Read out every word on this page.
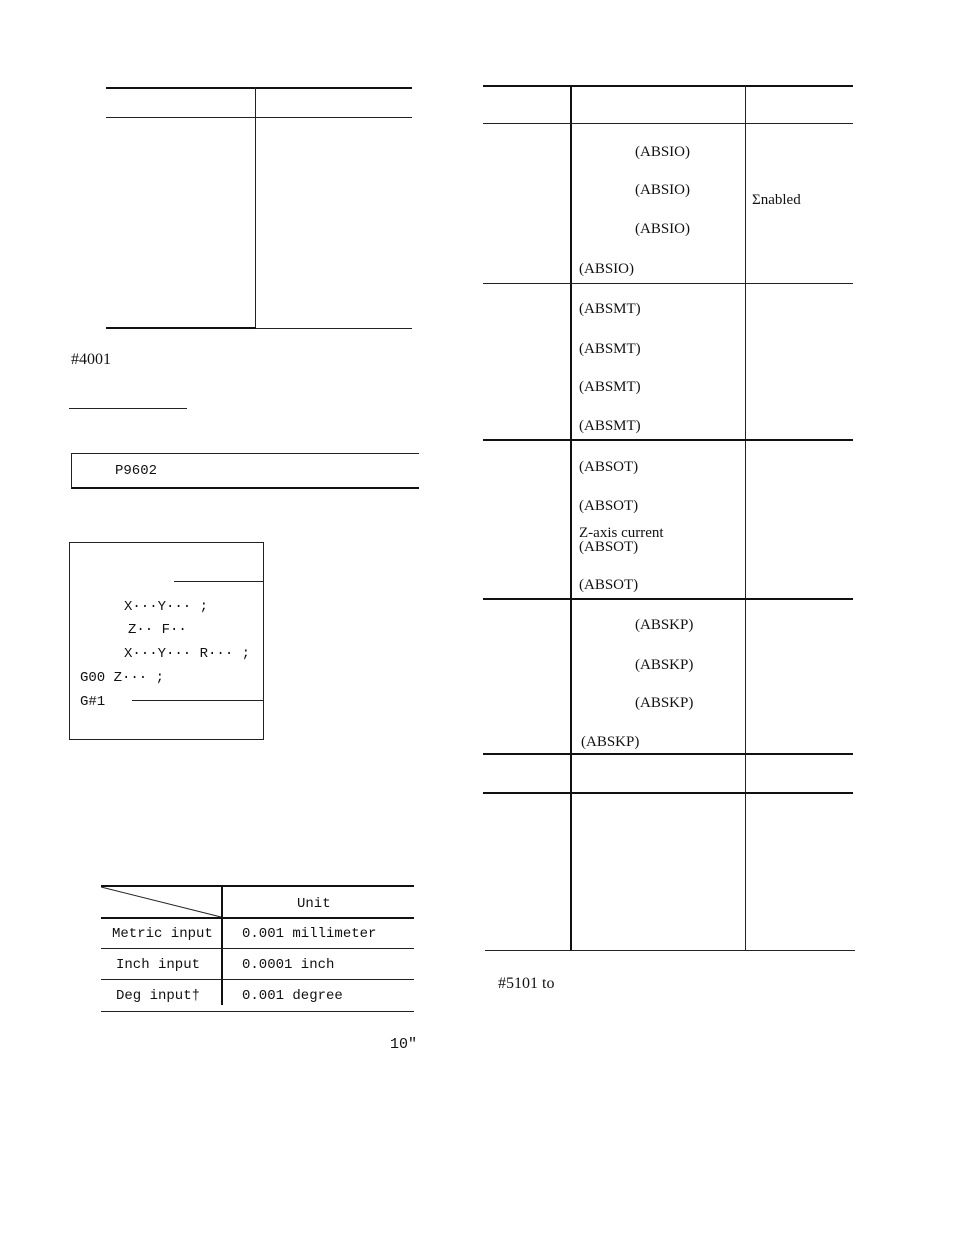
#4001
P9602
X···Y··· ;
Z·· F··
X···Y··· R··· ;
G00 Z··· ;
G#1
Unit
Metric input 0.001 millimeter
Inch input	0.0001 inch
Deg input†	0.001 degree
10"
(ABSIO)
(ABSIO)
(ABSIO)
(ABSIO)
Σnabled
(ABSMT)
(ABSMT)
(ABSMT)
(ABSMT)
(ABSOT)
(ABSOT)
Z-axis current
(ABSOT)
(ABSOT)
(ABSKP)
(ABSKP)
(ABSKP)
(ABSKP)
#5101 to
